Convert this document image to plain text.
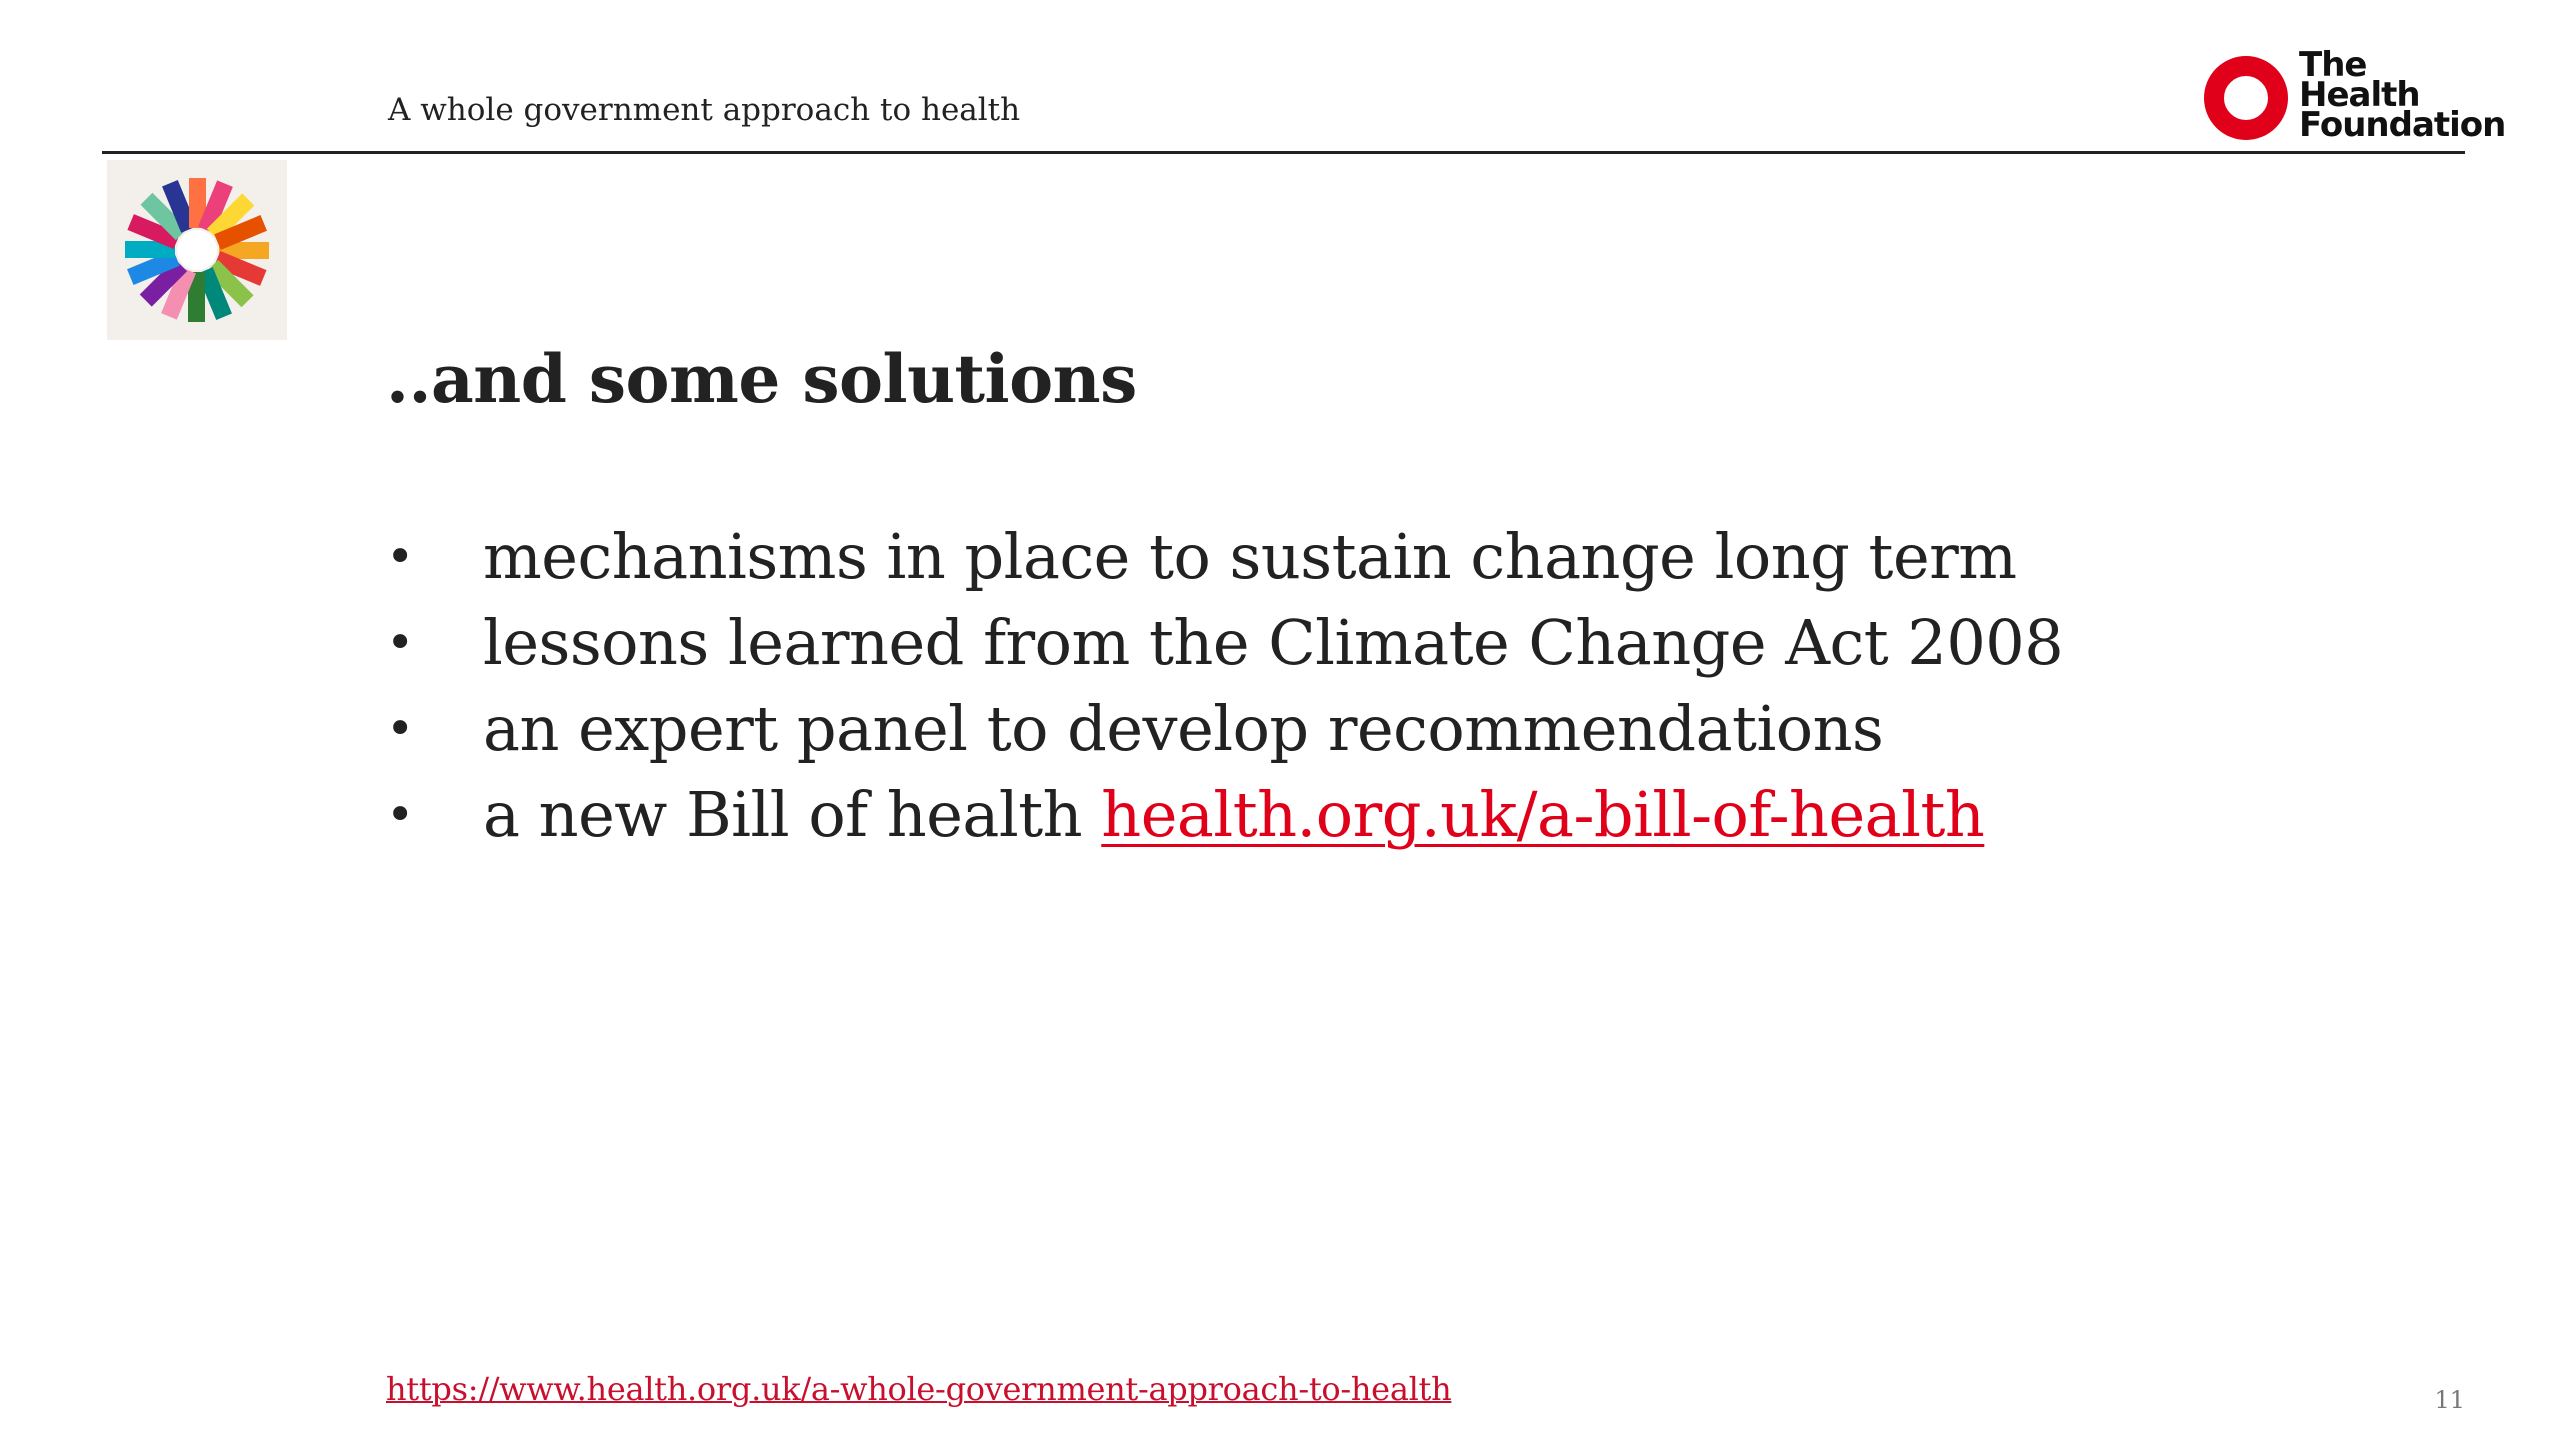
A whole government approach to health
The
Health
Foundation
..and some solutions
• mechanisms in place to sustain change long term
• lessons learned from the Climate Change Act 2008
• an expert panel to develop recommendations
• a new Bill of health health.org.uk/a-bill-of-health
https://www.health.org.uk/a-whole-government-approach-to-health	11
